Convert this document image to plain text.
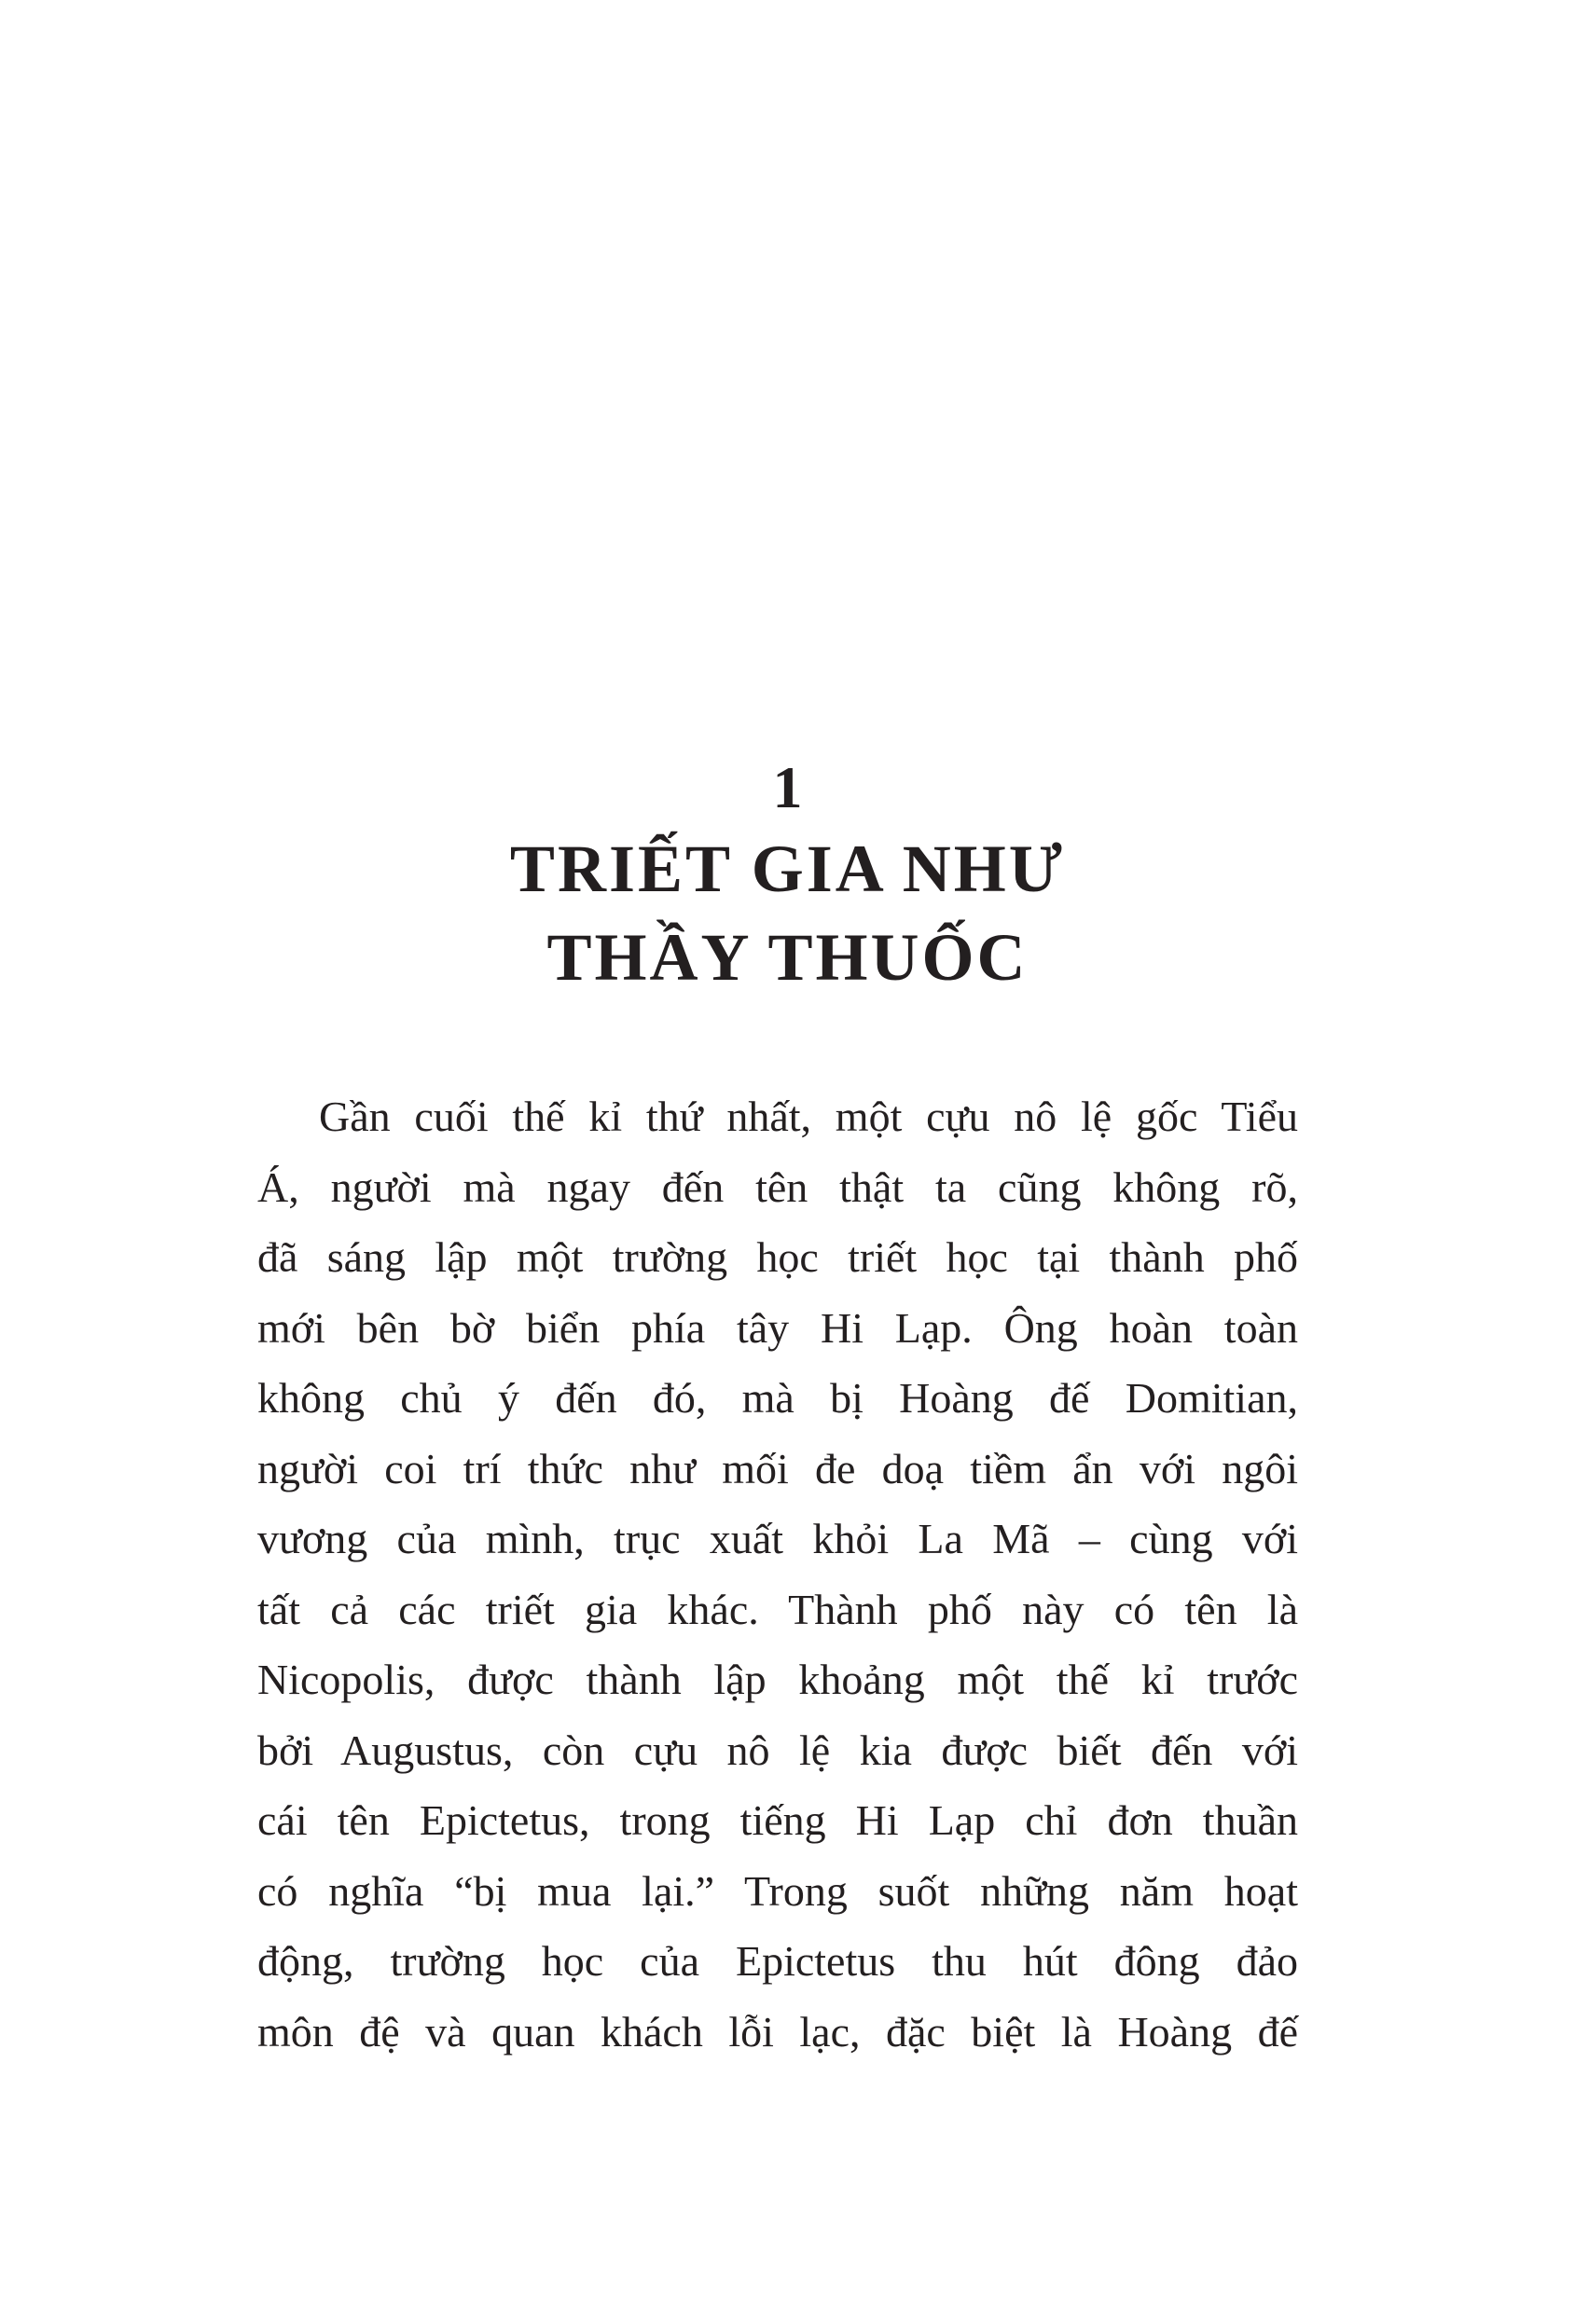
1
TRIẾT GIA NHƯ
THẦY THUỐC
Gần cuối thế kỉ thứ nhất, một cựu nô lệ gốc Tiểu
Á, người mà ngay đến tên thật ta cũng không rõ,
đã sáng lập một trường học triết học tại thành phố
mới bên bờ biển phía tây Hi Lạp. Ông hoàn toàn
không chủ ý đến đó, mà bị Hoàng đế Domitian,
người coi trí thức như mối đe doạ tiềm ẩn với ngôi
vương của mình, trục xuất khỏi La Mã – cùng với
tất cả các triết gia khác. Thành phố này có tên là
Nicopolis, được thành lập khoảng một thế kỉ trước
bởi Augustus, còn cựu nô lệ kia được biết đến với
cái tên Epictetus, trong tiếng Hi Lạp chỉ đơn thuần
có nghĩa “bị mua lại.” Trong suốt những năm hoạt
động, trường học của Epictetus thu hút đông đảo
môn đệ và quan khách lỗi lạc, đặc biệt là Hoàng đế
